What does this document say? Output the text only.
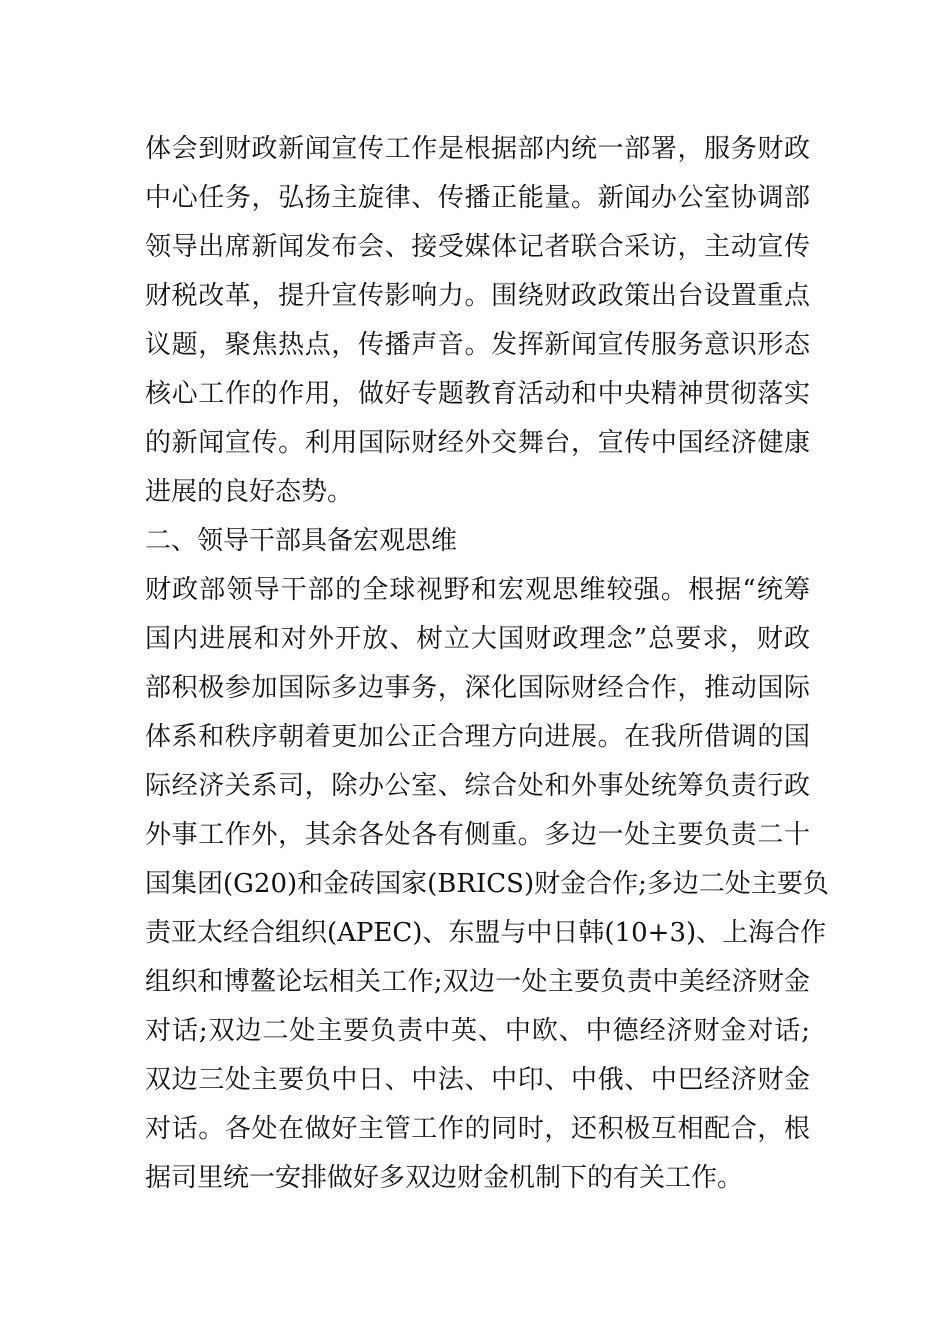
体会到财政新闻宣传工作是根据部内统一部署，服务财政
中心任务，弘扬主旋律、传播正能量。新闻办公室协调部
领导出席新闻发布会、接受媒体记者联合采访，主动宣传
财税改革，提升宣传影响力。围绕财政政策出台设置重点
议题，聚焦热点，传播声音。发挥新闻宣传服务意识形态
核心工作的作用，做好专题教育活动和中央精神贯彻落实
的新闻宣传。利用国际财经外交舞台，宣传中国经济健康
进展的良好态势。
二、领导干部具备宏观思维
财政部领导干部的全球视野和宏观思维较强。根据“统筹
国内进展和对外开放、树立大国财政理念”总要求，财政
部积极参加国际多边事务，深化国际财经合作，推动国际
体系和秩序朝着更加公正合理方向进展。在我所借调的国
际经济关系司，除办公室、综合处和外事处统筹负责行政
外事工作外，其余各处各有侧重。多边一处主要负责二十
国集团(G20)和金砖国家(BRICS)财金合作;多边二处主要负
责亚太经合组织(APEC)、东盟与中日韩(10+3)、上海合作
组织和博鳌论坛相关工作;双边一处主要负责中美经济财金
对话;双边二处主要负责中英、中欧、中德经济财金对话;
双边三处主要负中日、中法、中印、中俄、中巴经济财金
对话。各处在做好主管工作的同时，还积极互相配合，根
据司里统一安排做好多双边财金机制下的有关工作。
